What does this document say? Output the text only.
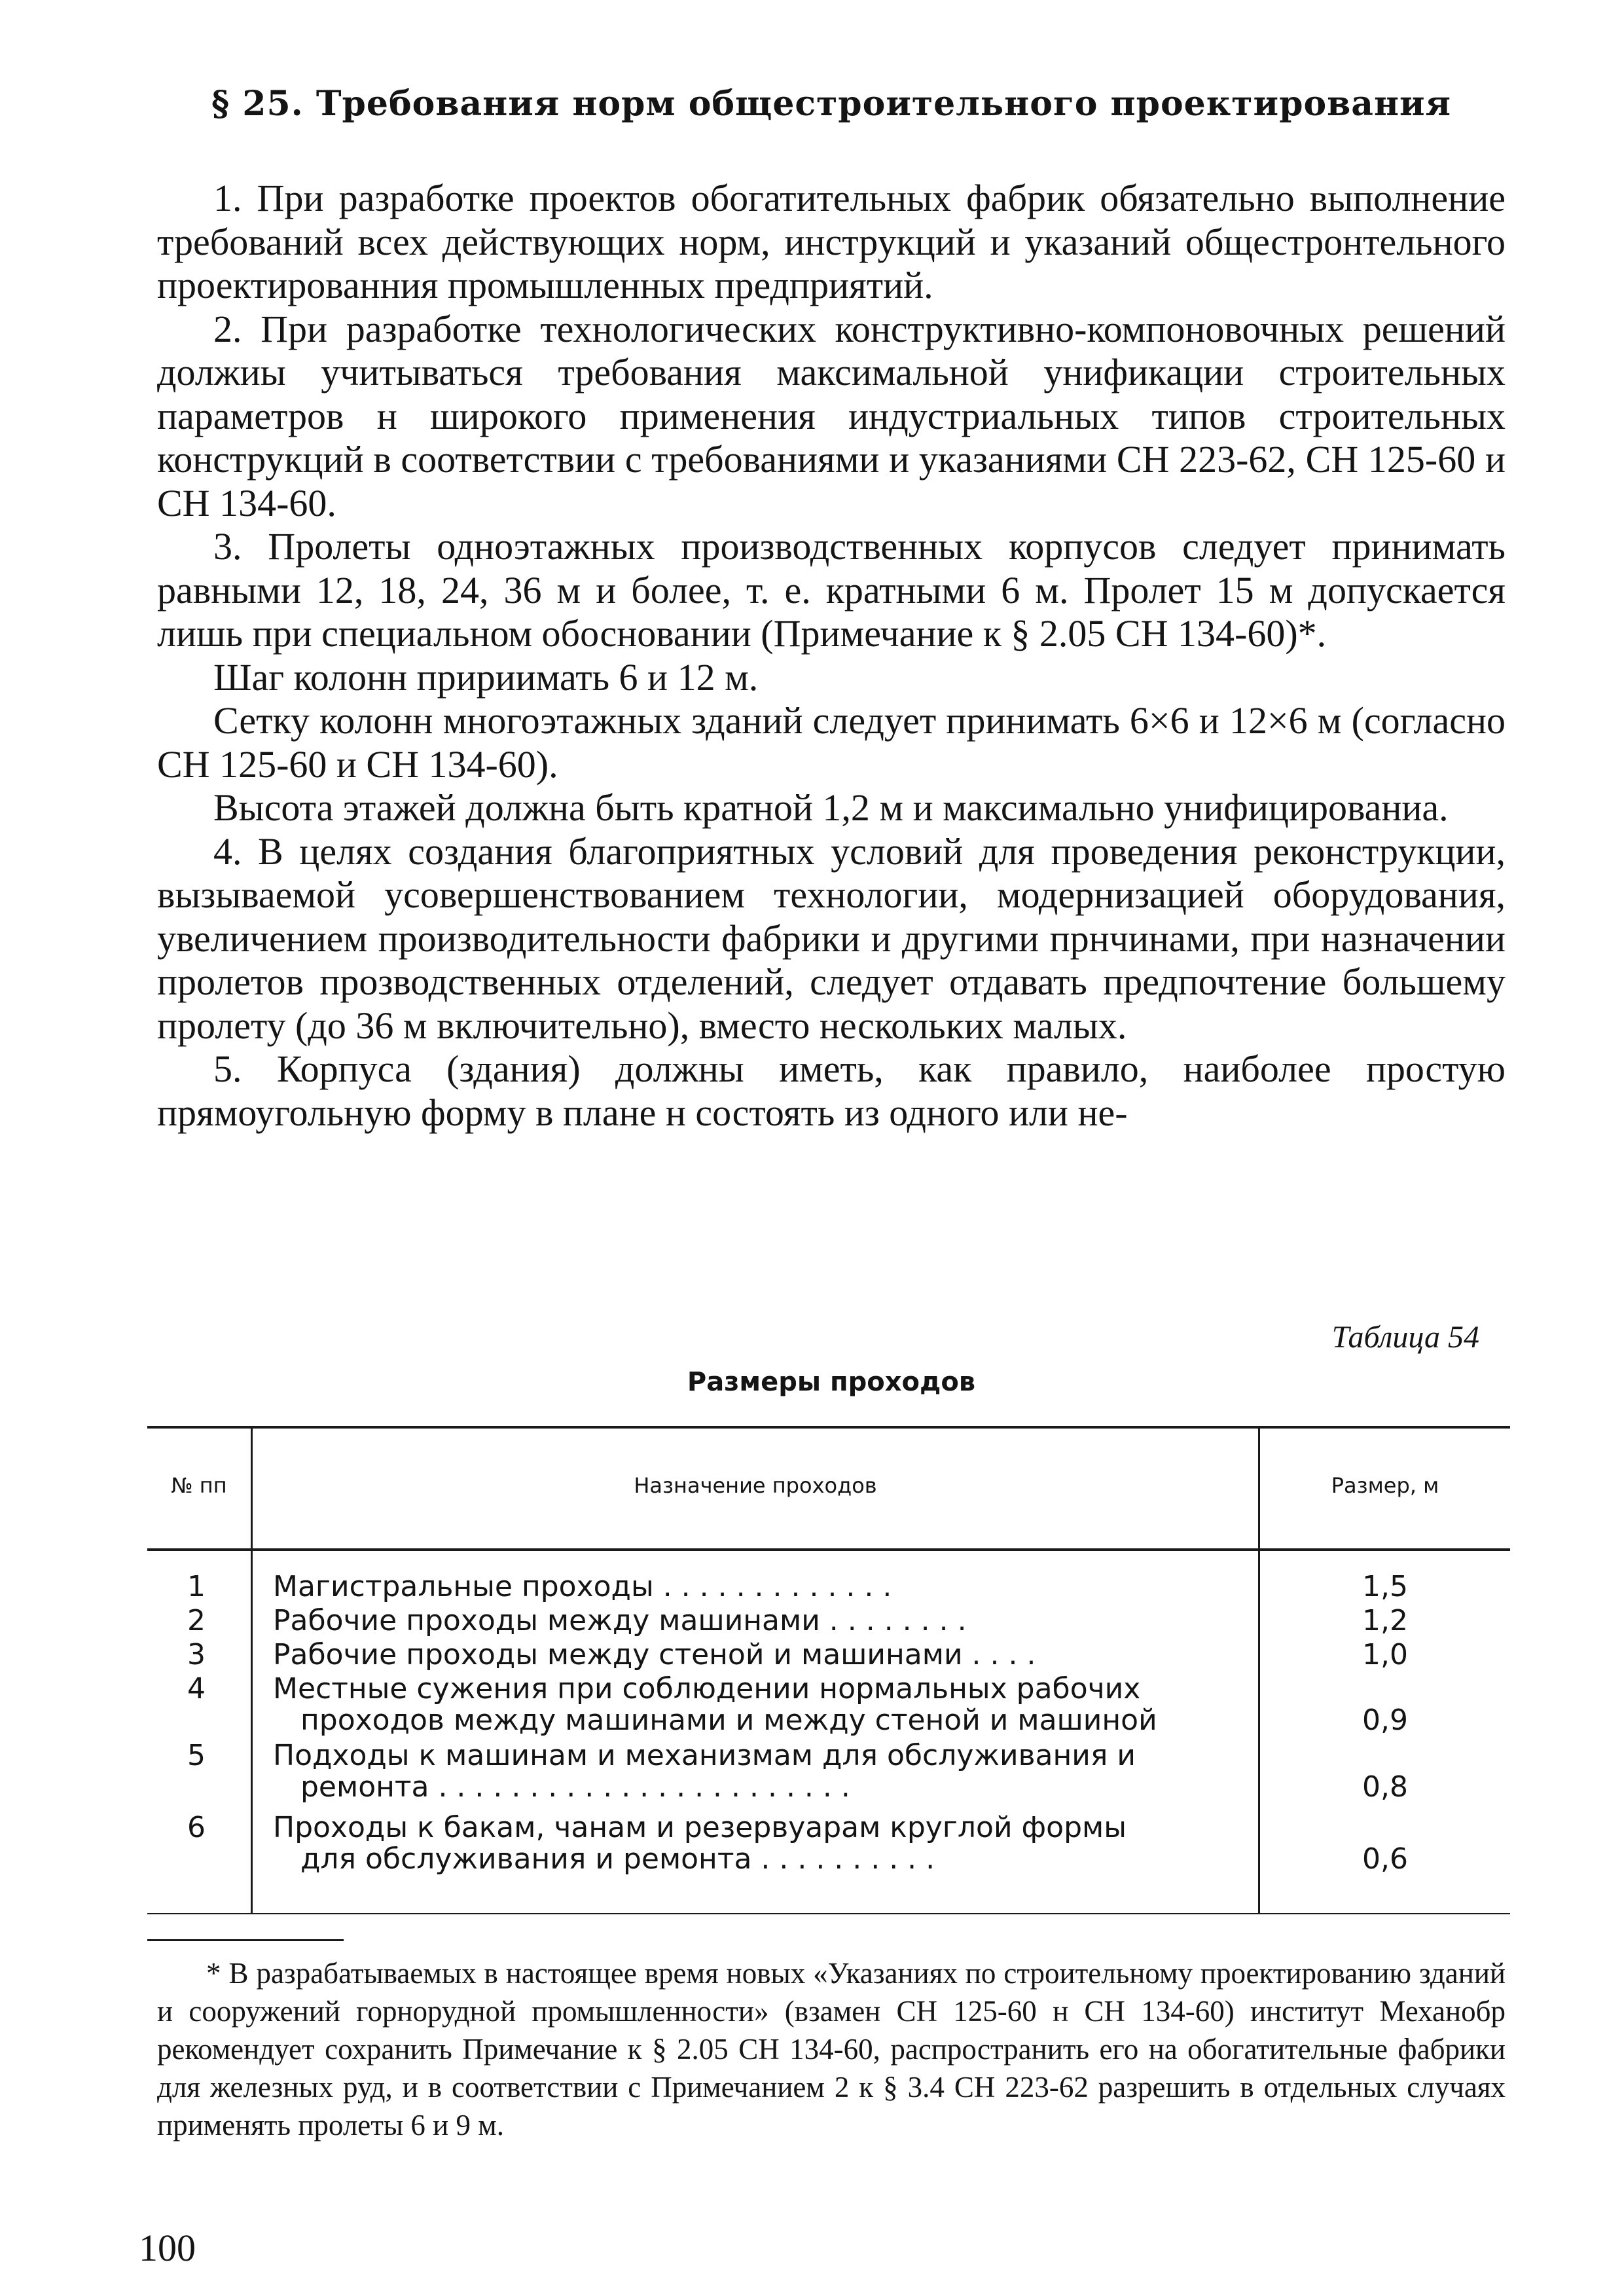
§ 25. Требования норм общестроительного проектирования

1. При разработке проектов обогатительных фабрик обязательно выполнение требований всех действующих норм, инструкций и указаний общестронтельного проектированния промышленных предприятий.

2. При разработке технологических конструктивно-компоновочных решений должиы учитываться требования максимальной унификации строительных параметров н широкого применения индустриальных типов строительных конструкций в соответствии с требованиями и указаниями СН 223-62, СН 125-60 и СН 134-60.

3. Пролеты одноэтажных производственных корпусов следует принимать равными 12, 18, 24, 36 м и более, т. е. кратными 6 м. Пролет 15 м допускается лишь при специальном обосновании (Примечание к § 2.05 СН 134-60)*.

Шаг колонн пририимать 6 и 12 м.

Сетку колонн многоэтажных зданий следует принимать 6×6 и 12×6 м (согласно СН 125-60 и СН 134-60).

Высота этажей должна быть кратной 1,2 м и максимально унифицированиа.

4. В целях создания благоприятных условий для проведения реконструкции, вызываемой усовершенствованием технологии, модернизацией оборудования, увеличением производительности фабрики и другими прнчинами, при назначении пролетов прозводственных отделений, следует отдавать предпочтение большему пролету (до 36 м включительно), вместо нескольких малых.

5. Корпуса (здания) должны иметь, как правило, наиболее простую прямоугольную форму в плане н состоять из одного или не-

Таблица 54
Размеры проходов
№ пп	Назначение проходов	Размер, м
1	Магистральные проходы . . . . . . . . . . . . .	1,5
2	Рабочие проходы между машинами . . . . . . . .	1,2
3	Рабочие проходы между стеной и машинами . . . .	1,0
4	Местные сужения при соблюдении нормальных рабочих
проходов между машинами и между стеной и машиной	0,9
5	Подходы к машинам и механизмам для обслуживания и
ремонта . . . . . . . . . . . . . . . . . . . . . . .	0,8
6	Проходы к бакам, чанам и резервуарам круглой формы
для обслуживания и ремонта . . . . . . . . . .	0,6

* В разрабатываемых в настоящее время новых «Указаниях по строительному проектированию зданий и сооружений горнорудной промышленности» (взамен СН 125-60 н СН 134-60) институт Механобр рекомендует сохранить Примечание к § 2.05 СН 134-60, распространить его на обогатительные фабрики для железных руд, и в соответствии с Примечанием 2 к § 3.4 СН 223-62 разрешить в отдельных случаях применять пролеты 6 и 9 м.

100
